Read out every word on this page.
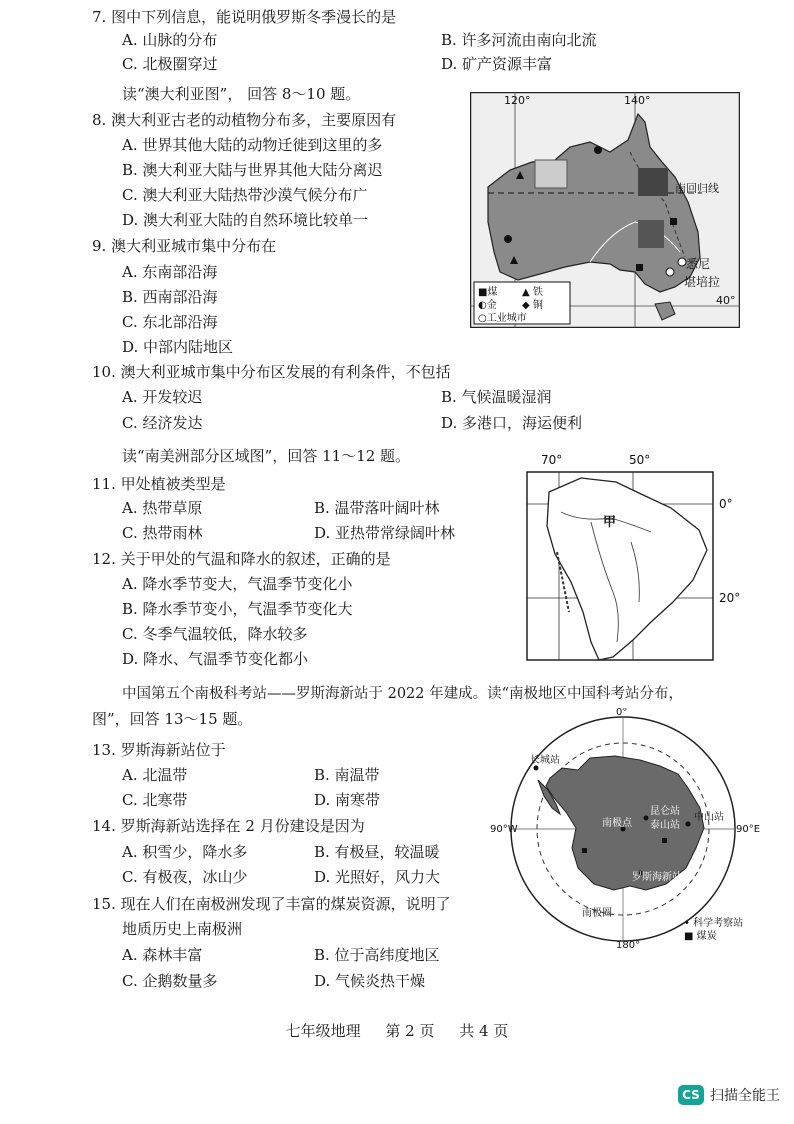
7. 图中下列信息，能说明俄罗斯冬季漫长的是
A. 山脉的分布	B. 许多河流由南向北流
C. 北极圈穿过	D. 矿产资源丰富
读“澳大利亚图”， 回答 8～10 题。
8. 澳大利亚古老的动植物分布多，主要原因有
A. 世界其他大陆的动物迁徙到这里的多
B. 澳大利亚大陆与世界其他大陆分离迟
C. 澳大利亚大陆热带沙漠气候分布广
D. 澳大利亚大陆的自然环境比较单一
9. 澳大利亚城市集中分布在
A. 东南部沿海
B. 西南部沿海
C. 东北部沿海
D. 中部内陆地区
10. 澳大利亚城市集中分布区发展的有利条件，不包括
A. 开发较迟	B. 气候温暖湿润
C. 经济发达	D. 多港口，海运便利
读“南美洲部分区域图”，回答 11～12 题。
11. 甲处植被类型是
A. 热带草原	B. 温带落叶阔叶林
C. 热带雨林	D. 亚热带常绿阔叶林
12. 关于甲处的气温和降水的叙述，正确的是
A. 降水季节变大，气温季节变化小
B. 降水季节变小，气温季节变化大
C. 冬季气温较低，降水较多
D. 降水、气温季节变化都小
中国第五个南极科考站——罗斯海新站于 2022 年建成。读“南极地区中国科考站分布，
图”，回答 13～15 题。
13. 罗斯海新站位于
A. 北温带	B. 南温带
C. 北寒带	D. 南寒带
14. 罗斯海新站选择在 2 月份建设是因为
A. 积雪少，降水多	B. 有极昼，较温暖
C. 有极夜，冰山少	D. 光照好，风力大
15. 现在人们在南极洲发现了丰富的煤炭资源，说明了
地质历史上南极洲
A. 森林丰富	B. 位于高纬度地区
C. 企鹅数量多	D. 气候炎热干燥
120°	140°
40°
南回归线
悉尼
堪培拉
■煤 ▲ 铁
◐金	◆ 铜
○工业城市
70°	50°
0°
20°
甲
0°
90°W	90°E
180°
长城站
南极点
昆仑站
泰山站
中山站
罗斯海新站
南极圈
• 科学考察站
■ 煤炭
七年级地理 第 2 页 共 4 页
CS 扫描全能王
